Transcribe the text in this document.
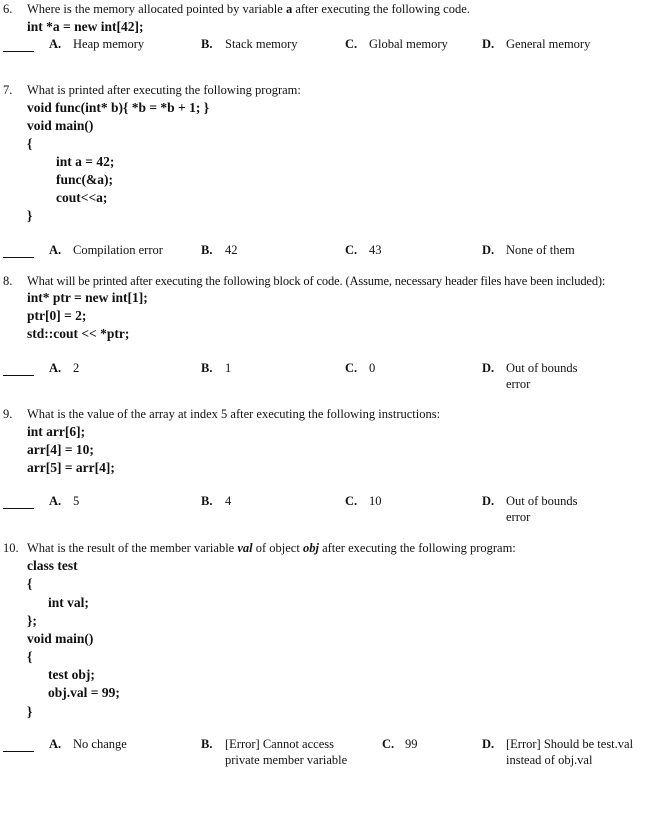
6. Where is the memory allocated pointed by variable a after executing the following code.
int *a = new int[42];
A. Heap memory	B. Stack memory	C. Global memory	D. General memory
7. What is printed after executing the following program:
void func(int* b){ *b = *b + 1; }
void main()
{
int a = 42;
func(&a);
cout<<a;
}
A. Compilation error	B. 42	C. 43	D. None of them
8. What will be printed after executing the following block of code. (Assume, necessary header files have been included):
int* ptr = new int[1];
ptr[0] = 2;
std::cout << *ptr;
A. 2	B. 1	C. 0	D. Out of bounds
error
9. What is the value of the array at index 5 after executing the following instructions:
int arr[6];
arr[4] = 10;
arr[5] = arr[4];
A. 5	B. 4	C. 10	D. Out of bounds
error
10. What is the result of the member variable val of object obj after executing the following program:
class test
{
int val;
};
void main()
{
test obj;
obj.val = 99;
}
A. No change	B. [Error] Cannot access
private member variable
C. 99	D. [Error] Should be test.val
instead of obj.val
